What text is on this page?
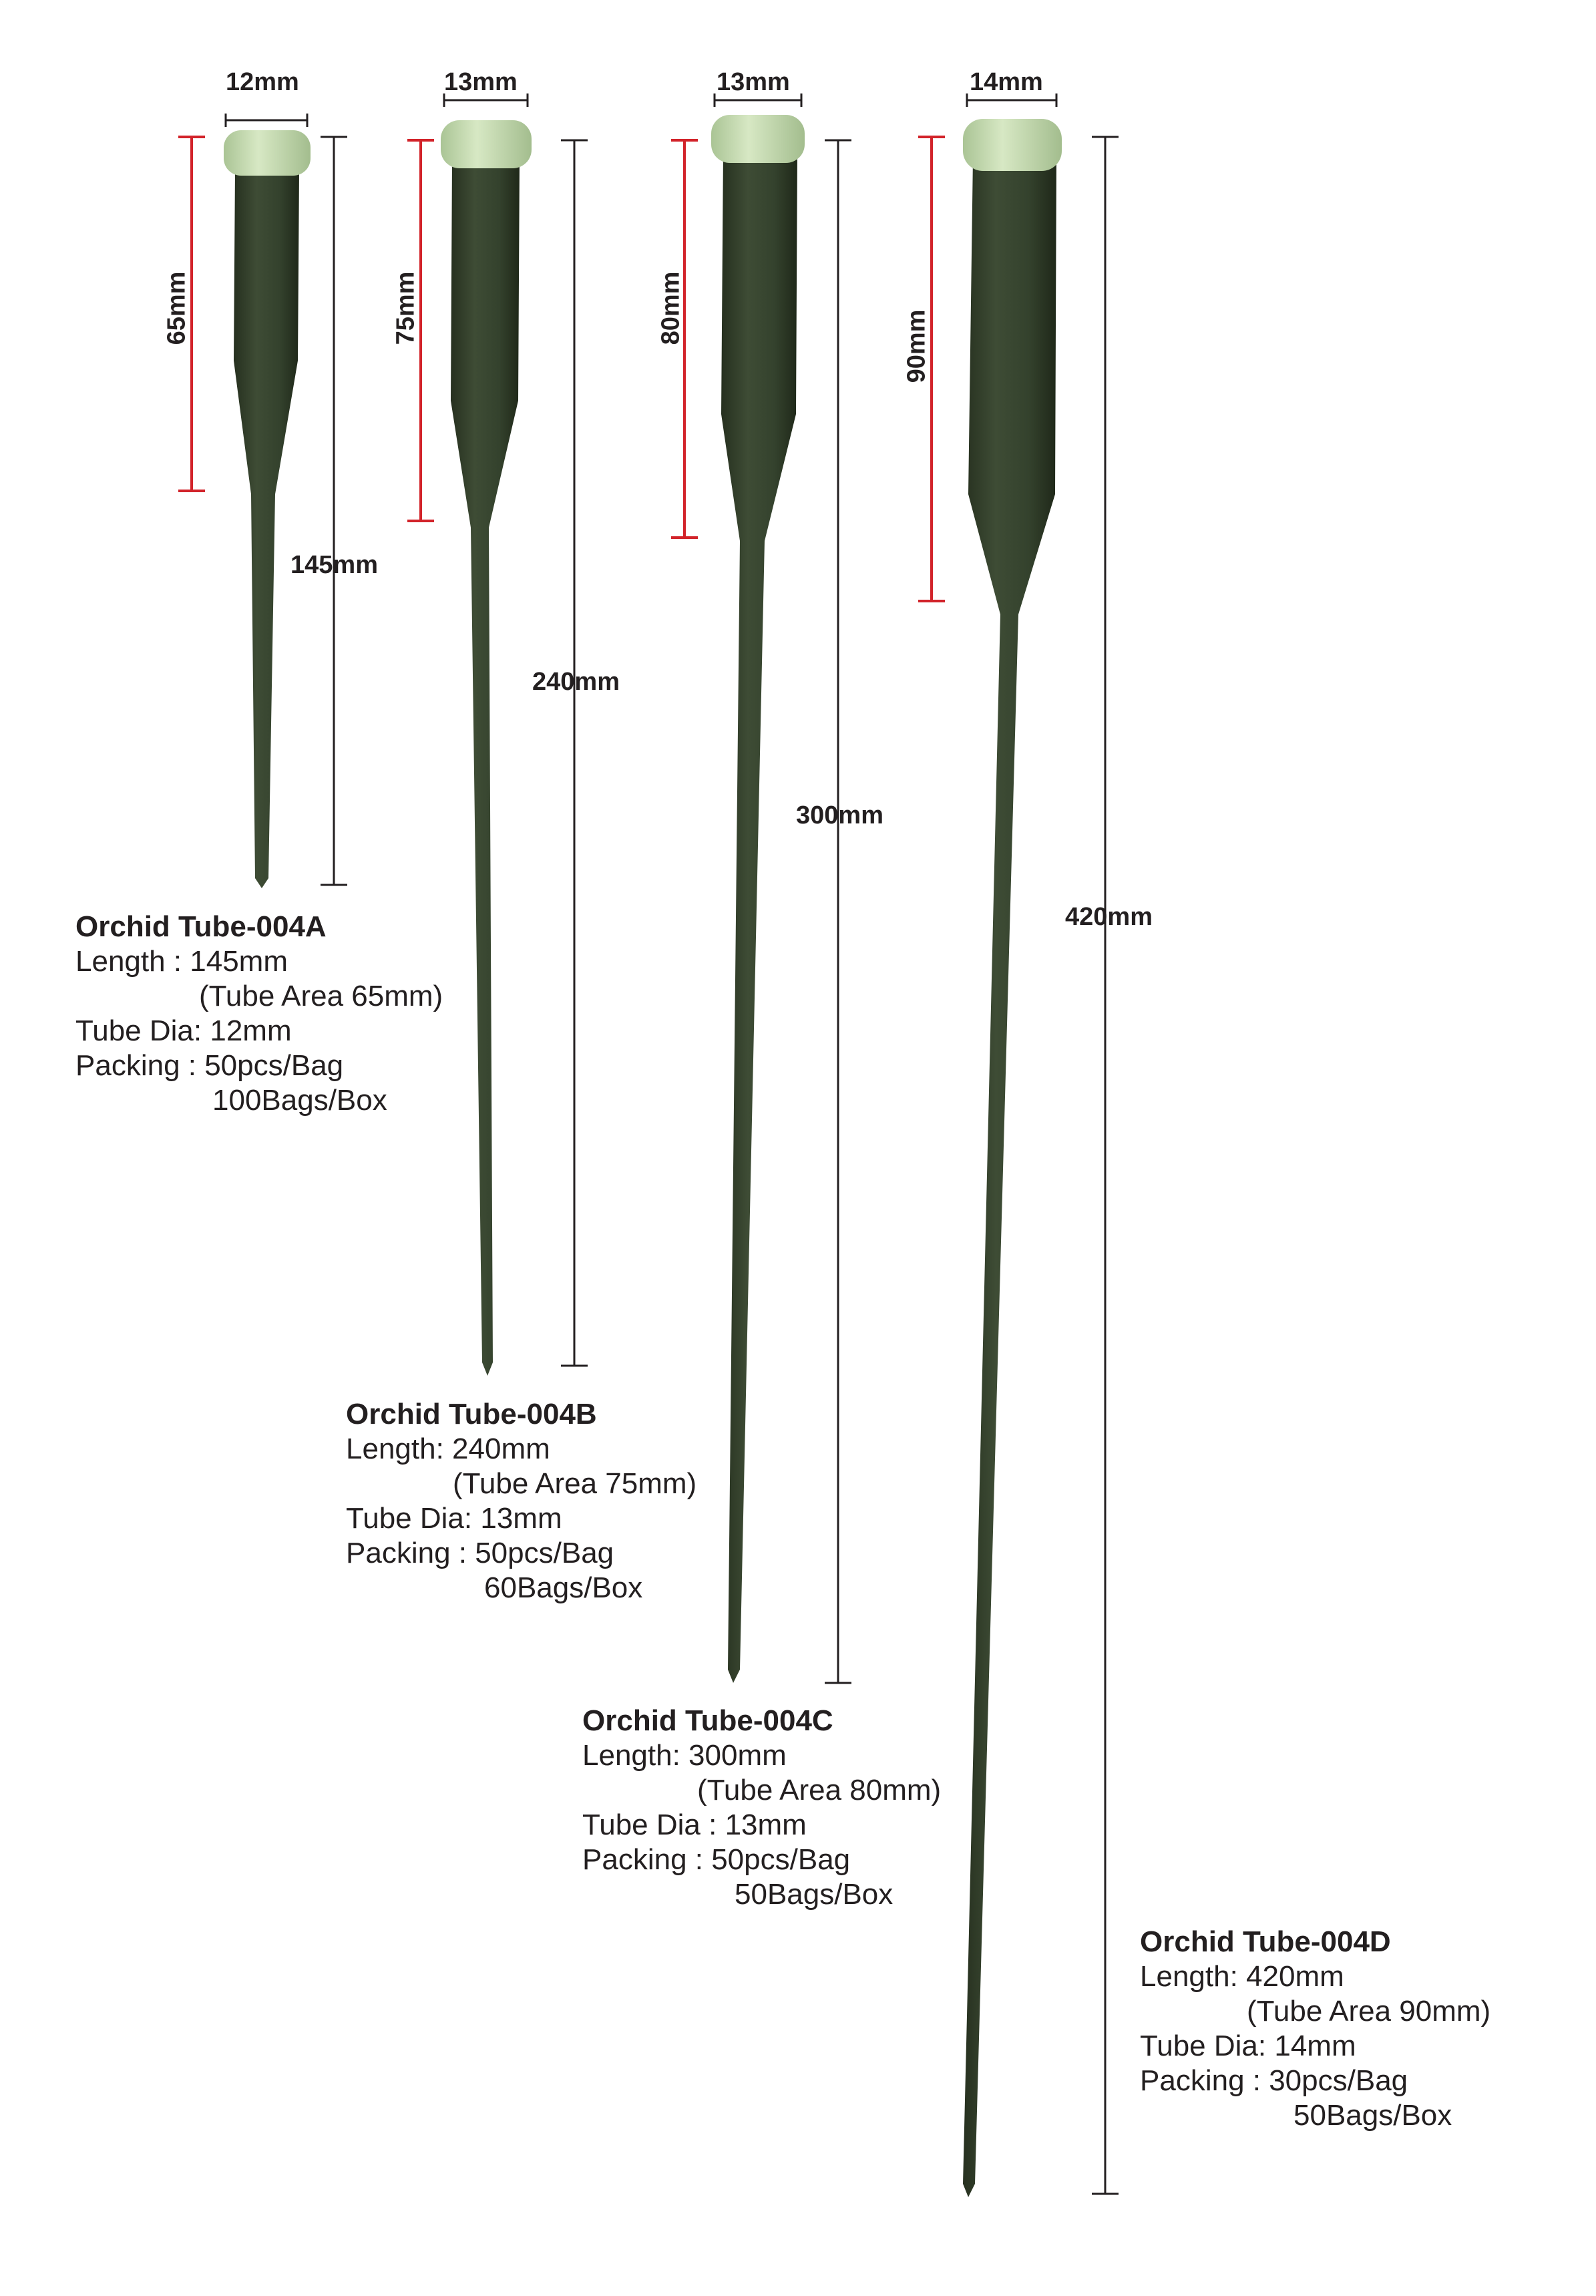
12mm	13mm	13mm	14mm
65mm	75mm	80mm
90mm
145mm
240mm
300mm
420mm
Orchid Tube-004A
Length : 145mm
(Tube Area 65mm)
Tube Dia: 12mm
Packing : 50pcs/Bag
100Bags/Box
Orchid Tube-004B
Length: 240mm
(Tube Area 75mm)
Tube Dia: 13mm
Packing : 50pcs/Bag
60Bags/Box
Orchid Tube-004C
Length: 300mm
(Tube Area 80mm)
Tube Dia : 13mm
Packing : 50pcs/Bag
50Bags/Box
Orchid Tube-004D
Length: 420mm
(Tube Area 90mm)
Tube Dia: 14mm
Packing : 30pcs/Bag
50Bags/Box
